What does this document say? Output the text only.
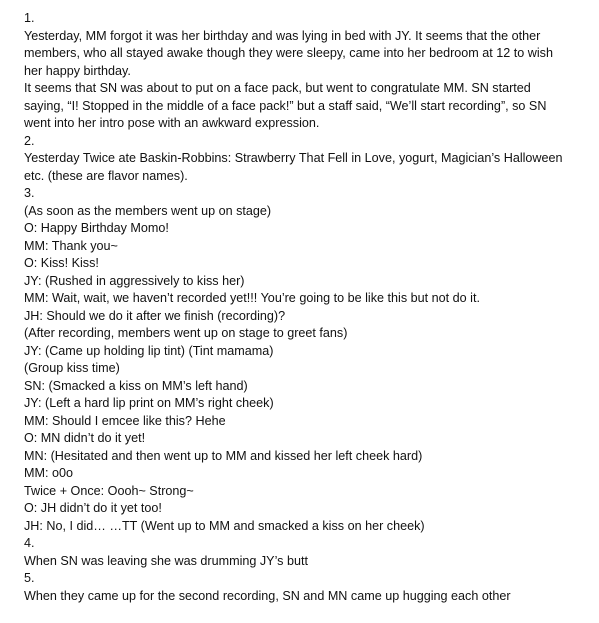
1.
Yesterday, MM forgot it was her birthday and was lying in bed with JY. It seems that the other
members, who all stayed awake though they were sleepy, came into her bedroom at 12 to wish
her happy birthday.
It seems that SN was about to put on a face pack, but went to congratulate MM. SN started
saying, “I! Stopped in the middle of a face pack!” but a staff said, “We’ll start recording”, so SN
went into her intro pose with an awkward expression.
2.
Yesterday Twice ate Baskin-Robbins: Strawberry That Fell in Love, yogurt, Magician’s Halloween
etc. (these are flavor names).
3.
(As soon as the members went up on stage)
O: Happy Birthday Momo!
MM: Thank you~
O: Kiss! Kiss!
JY: (Rushed in aggressively to kiss her)
MM: Wait, wait, we haven’t recorded yet!!! You’re going to be like this but not do it.
JH: Should we do it after we finish (recording)?
(After recording, members went up on stage to greet fans)
JY: (Came up holding lip tint) (Tint mamama)
(Group kiss time)
SN: (Smacked a kiss on MM’s left hand)
JY: (Left a hard lip print on MM’s right cheek)
MM: Should I emcee like this? Hehe
O: MN didn’t do it yet!
MN: (Hesitated and then went up to MM and kissed her left cheek hard)
MM: o0o
Twice + Once: Oooh~ Strong~
O: JH didn’t do it yet too!
JH: No, I did… …TT (Went up to MM and smacked a kiss on her cheek)
4.
When SN was leaving she was drumming JY’s butt
5.
When they came up for the second recording, SN and MN came up hugging each other
